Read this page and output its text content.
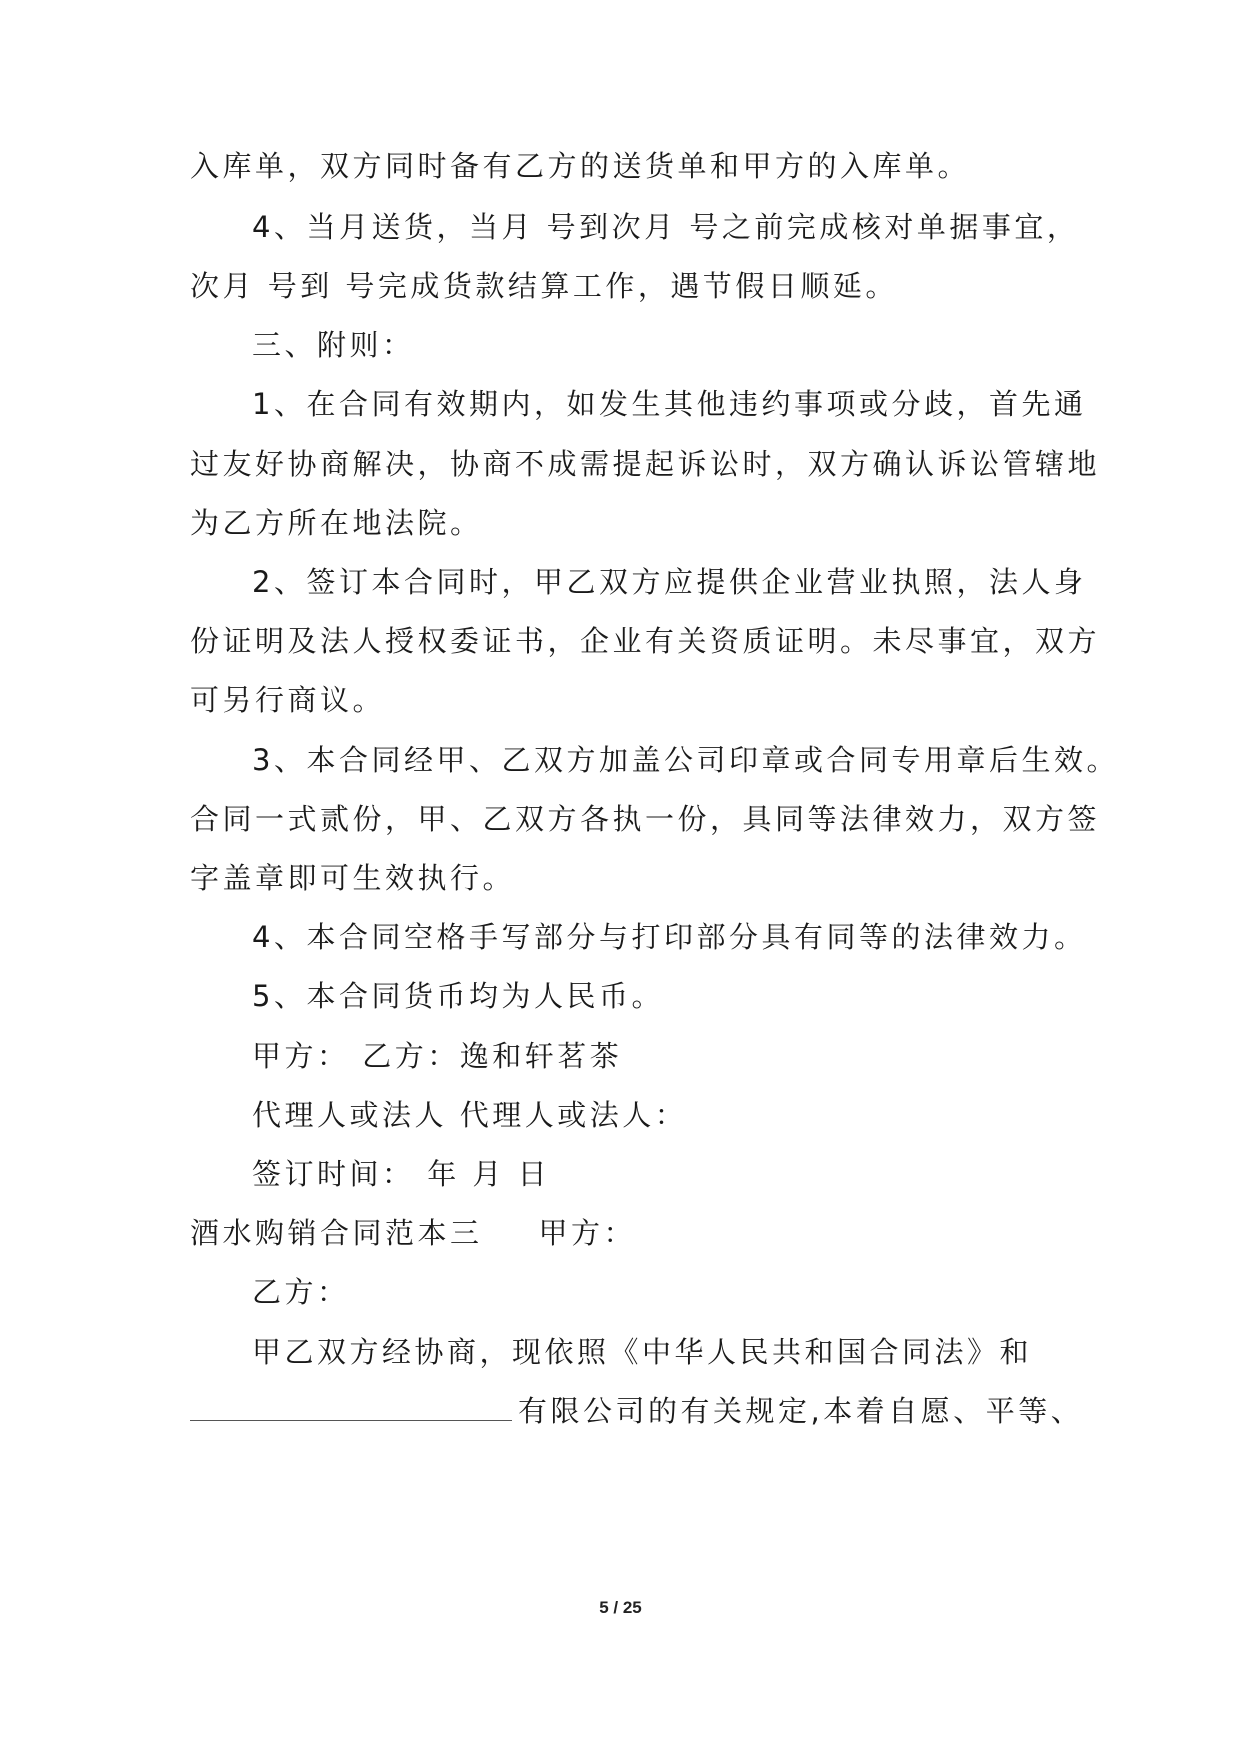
入库单，双方同时备有乙方的送货单和甲方的入库单。
4、当月送货，当月 号到次月 号之前完成核对单据事宜，
次月 号到 号完成货款结算工作，遇节假日顺延。
三、附则：
1、在合同有效期内，如发生其他违约事项或分歧，首先通
过友好协商解决，协商不成需提起诉讼时，双方确认诉讼管辖地
为乙方所在地法院。
2、签订本合同时，甲乙双方应提供企业营业执照，法人身
份证明及法人授权委证书，企业有关资质证明。未尽事宜，双方
可另行商议。
3、本合同经甲、乙双方加盖公司印章或合同专用章后生效。
合同一式贰份，甲、乙双方各执一份，具同等法律效力，双方签
字盖章即可生效执行。
4、本合同空格手写部分与打印部分具有同等的法律效力。
5、本合同货币均为人民币。
甲方： 乙方：逸和轩茗茶
代理人或法人 代理人或法人：
签订时间： 年 月 日
酒水购销合同范本三 甲方：
乙方：
甲乙双方经协商，现依照《中华人民共和国合同法》和
有限公司的有关规定,本着自愿、平等、
5 / 25
